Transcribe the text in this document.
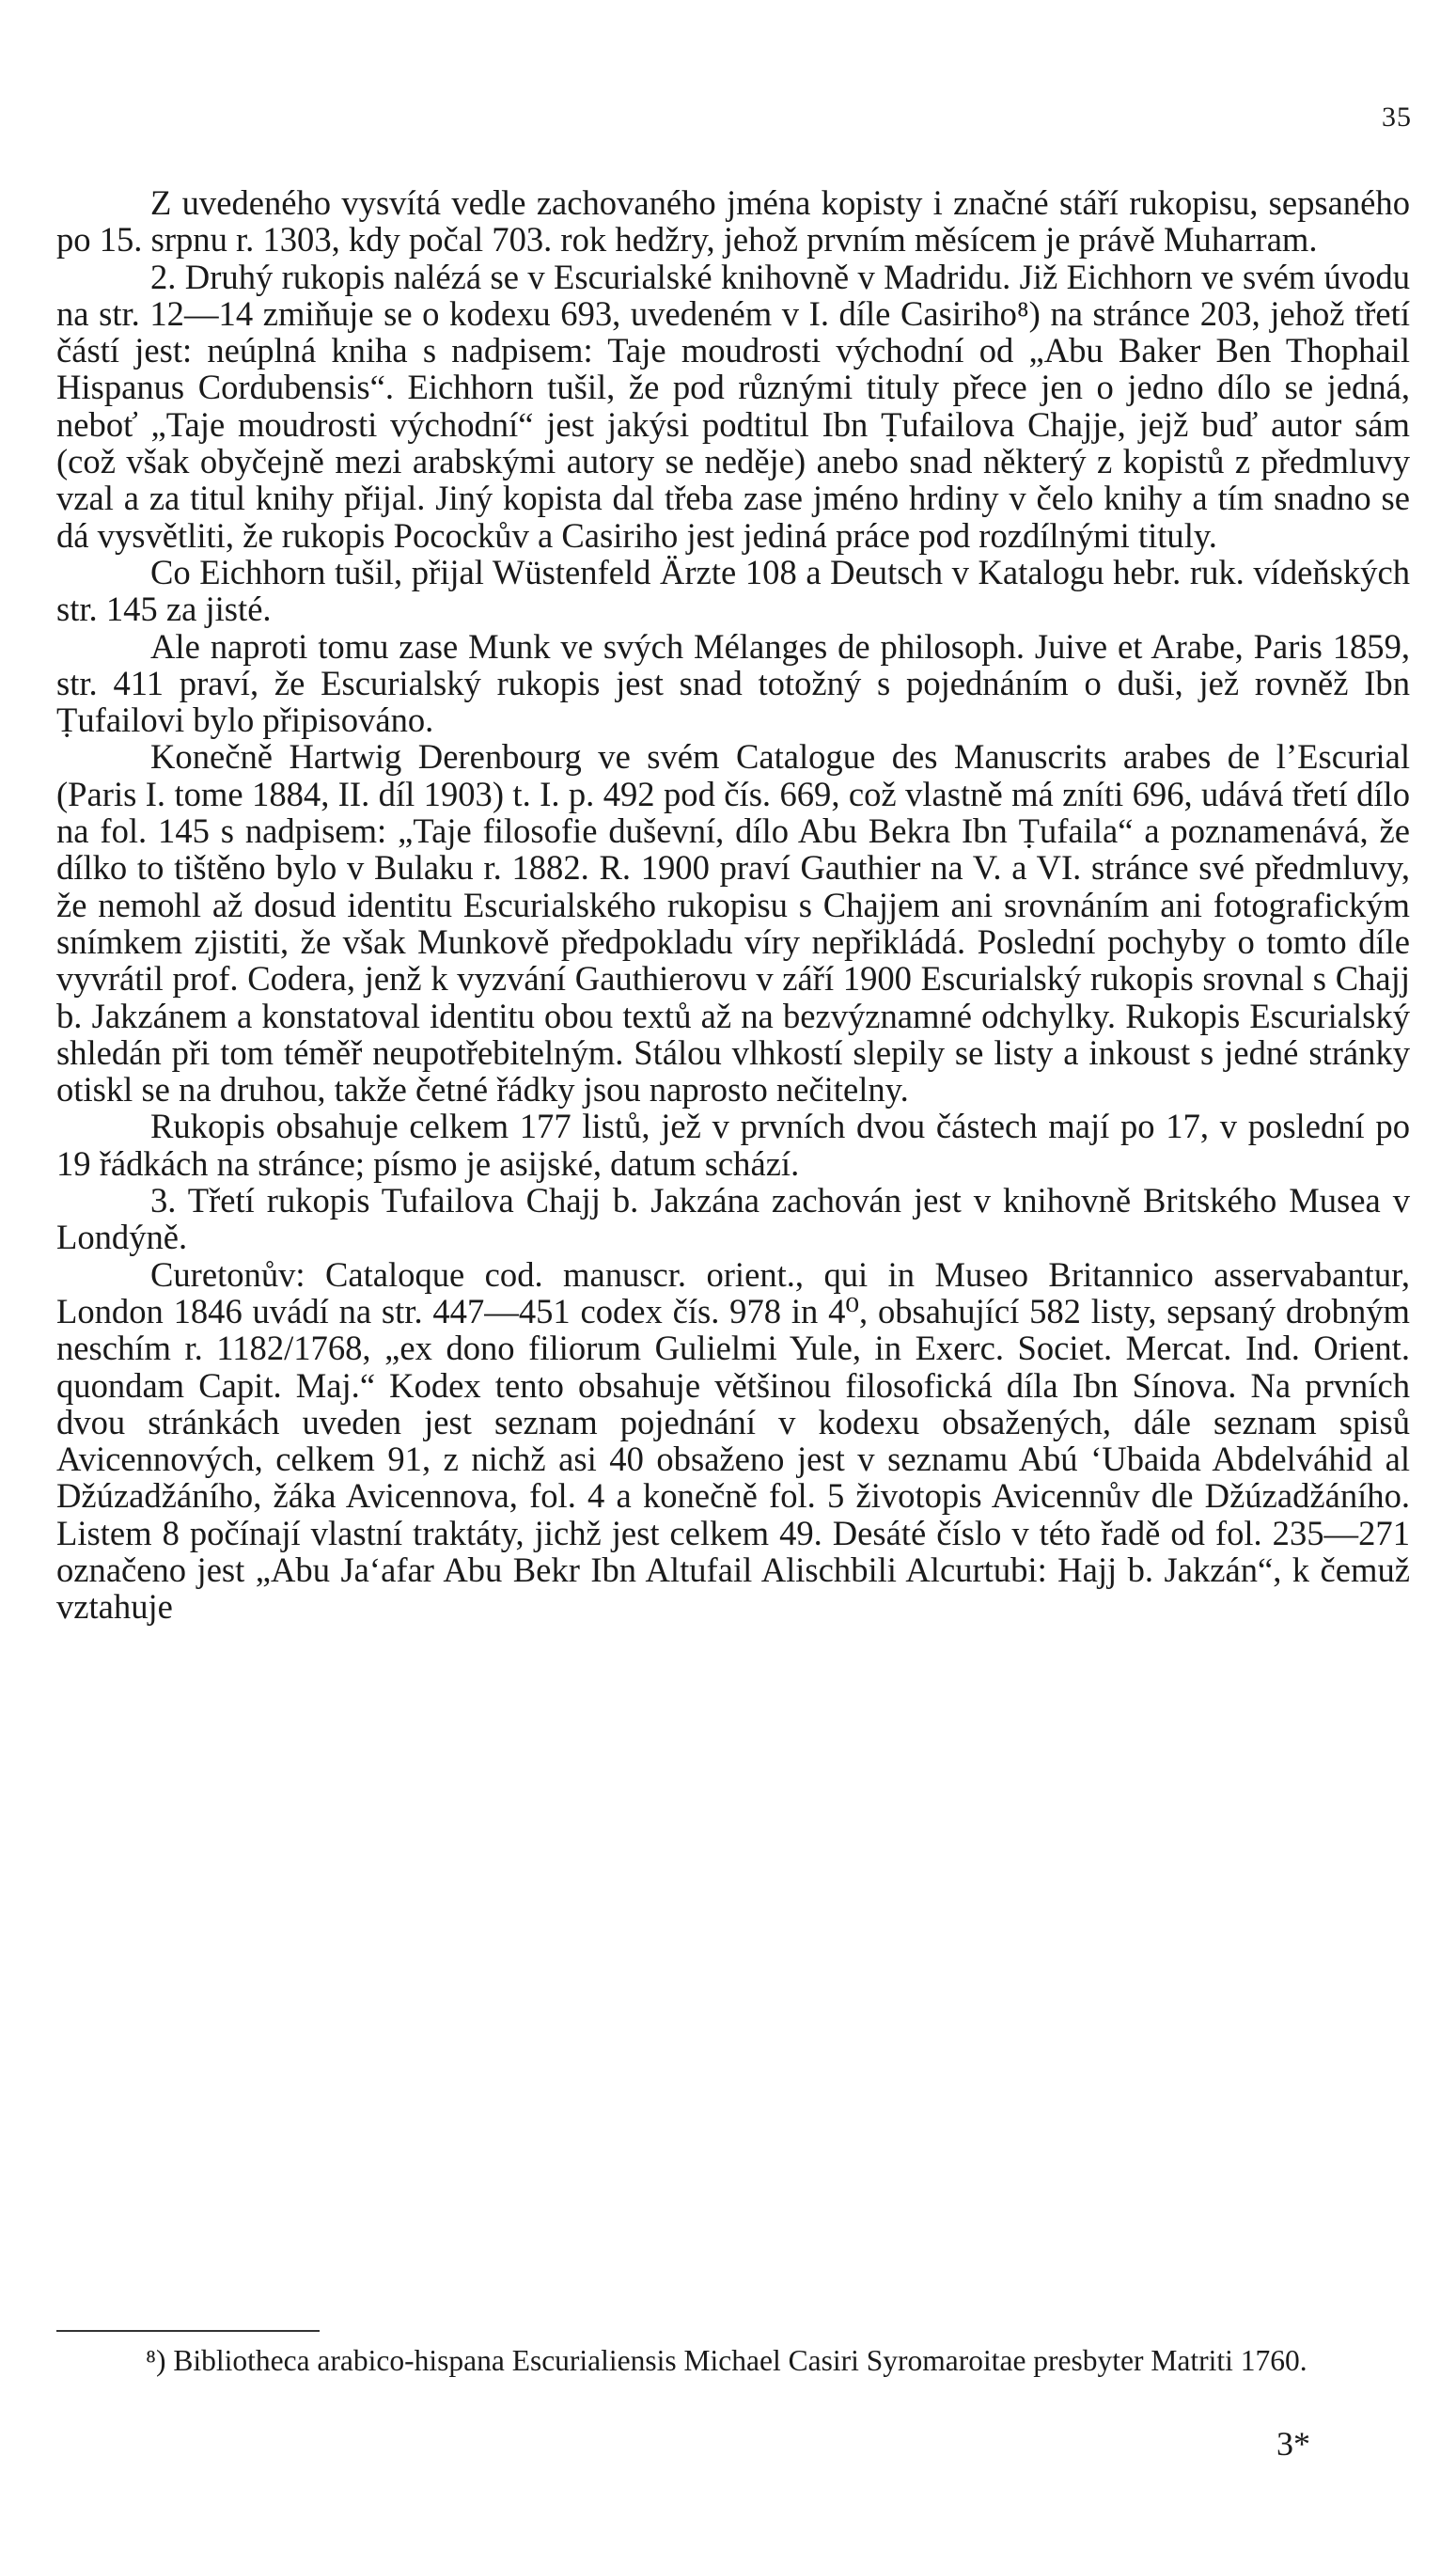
35

Z uvedeného vysvítá vedle zachovaného jména kopisty i značné stáří rukopisu, sepsaného po 15. srpnu r. 1303, kdy počal 703. rok hedžry, jehož prvním měsícem je právě Muharram.

2. Druhý rukopis nalézá se v Escurialské knihovně v Madridu. Již Eichhorn ve svém úvodu na str. 12—14 zmiňuje se o kodexu 693, uvedeném v I. díle Casiriho⁸) na stránce 203, jehož třetí částí jest: neúplná kniha s nadpisem: Taje moudrosti východní od „Abu Baker Ben Thophail Hispanus Cordubensis“. Eichhorn tušil, že pod různými tituly přece jen o jedno dílo se jedná, neboť „Taje moudrosti východní“ jest jakýsi podtitul Ibn Ṭufailova Chajje, jejž buď autor sám (což však obyčejně mezi arabskými autory se neděje) anebo snad některý z kopistů z předmluvy vzal a za titul knihy přijal. Jiný kopista dal třeba zase jméno hrdiny v čelo knihy a tím snadno se dá vysvětliti, že rukopis Pocockův a Casiriho jest jediná práce pod rozdílnými tituly.

Co Eichhorn tušil, přijal Wüstenfeld Ärzte 108 a Deutsch v Katalogu hebr. ruk. vídeňských str. 145 za jisté.

Ale naproti tomu zase Munk ve svých Mélanges de philosoph. Juive et Arabe, Paris 1859, str. 411 praví, že Escurialský rukopis jest snad totožný s pojednáním o duši, jež rovněž Ibn Ṭufailovi bylo připisováno.

Konečně Hartwig Derenbourg ve svém Catalogue des Manuscrits arabes de l’Escurial (Paris I. tome 1884, II. díl 1903) t. I. p. 492 pod čís. 669, což vlastně má zníti 696, udává třetí dílo na fol. 145 s nadpisem: „Taje filosofie duševní, dílo Abu Bekra Ibn Ṭufaila“ a poznamenává, že dílko to tištěno bylo v Bulaku r. 1882. R. 1900 praví Gauthier na V. a VI. stránce své předmluvy, že nemohl až dosud identitu Escurialského rukopisu s Chajjem ani srovnáním ani fotografickým snímkem zjistiti, že však Munkově předpokladu víry nepřikládá. Poslední pochyby o tomto díle vyvrátil prof. Codera, jenž k vyzvání Gauthierovu v září 1900 Escurialský rukopis srovnal s Chajj b. Jakzánem a konstatoval identitu obou textů až na bezvýznamné odchylky. Rukopis Escurialský shledán při tom téměř neupotřebitelným. Stálou vlhkostí slepily se listy a inkoust s jedné stránky otiskl se na druhou, takže četné řádky jsou naprosto nečitelny.

Rukopis obsahuje celkem 177 listů, jež v prvních dvou částech mají po 17, v poslední po 19 řádkách na stránce; písmo je asijské, datum schází.

3. Třetí rukopis Tufailova Chajj b. Jakzána zachován jest v knihovně Britského Musea v Londýně.

Curetonův: Cataloque cod. manuscr. orient., qui in Museo Britannico asservabantur, London 1846 uvádí na str. 447—451 codex čís. 978 in 4⁰, obsahující 582 listy, sepsaný drobným neschím r. 1182/1768, „ex dono filiorum Gulielmi Yule, in Exerc. Societ. Mercat. Ind. Orient. quondam Capit. Maj.“ Kodex tento obsahuje většinou filosofická díla Ibn Sínova. Na prvních dvou stránkách uveden jest seznam pojednání v kodexu obsažených, dále seznam spisů Avicennových, celkem 91, z nichž asi 40 obsaženo jest v seznamu Abú ‘Ubaida Abdelváhid al Džúzadžáního, žáka Avicennova, fol. 4 a konečně fol. 5 životopis Avicennův dle Džúzadžáního. Listem 8 počínají vlastní traktáty, jichž jest celkem 49. Desáté číslo v této řadě od fol. 235—271 označeno jest „Abu Ja‘afar Abu Bekr Ibn Altufail Alischbili Alcurtubi: Hajj b. Jakzán“, k čemuž vztahuje

⁸) Bibliotheca arabico-hispana Escurialiensis Michael Casiri Syromaroitae presbyter Matriti 1760.

3*
